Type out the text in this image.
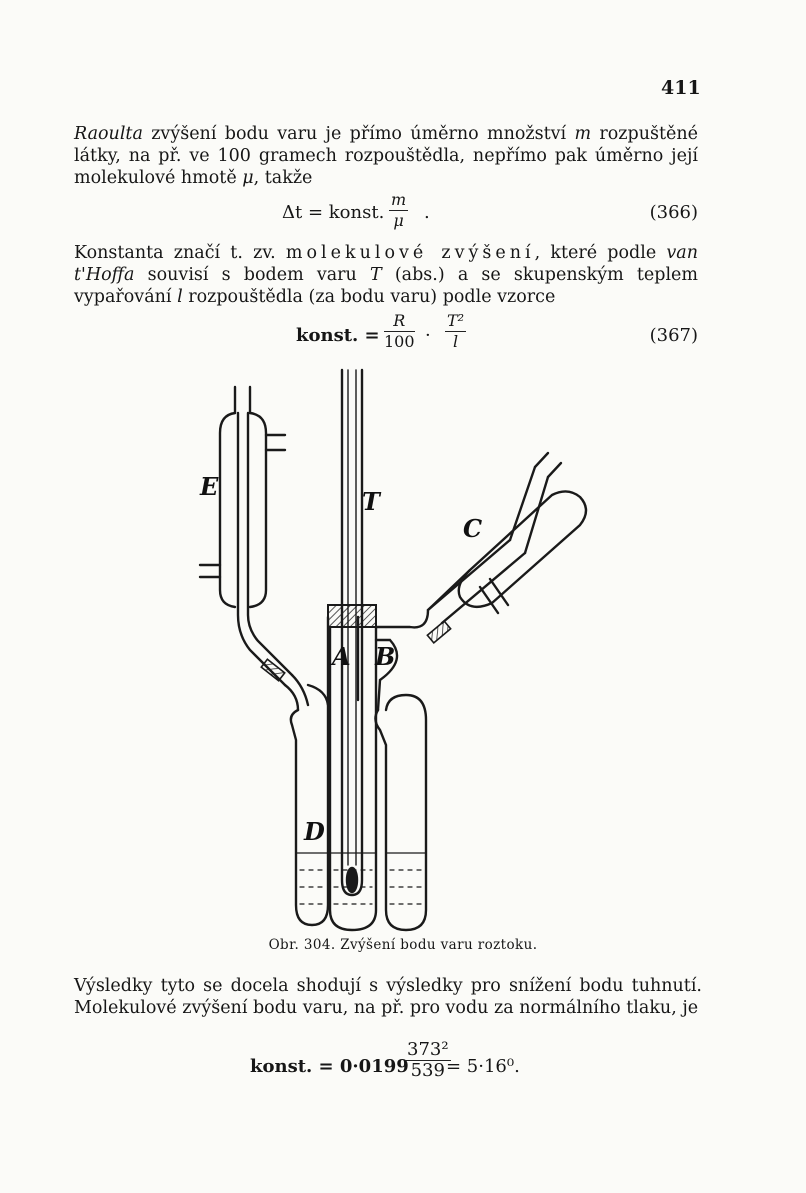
411
Raoulta zvýšení bodu varu je přímo úměrno množství m rozpuštěné látky, na př. ve 100 gramech rozpouštědla, nepřímo pak úměrno její molekulové hmotě μ, takže
Δt = konst. $\frac{m}{\mu}$ .	(366)
Konstanta značí t. zv. molekulové zvýšení, které podle van t'Hoffa souvisí s bodem varu T (abs.) a se skupenským teplem vypařování l rozpouštědla (za bodu varu) podle vzorce
konst. = $\frac{R}{100} \cdot \frac{\text{T²}}{l}$	(367)
E
T
C
A B
D
Obr. 304. Zvýšení bodu varu roztoku.
Výsledky tyto se docela shodují s výsledky pro snížení bodu tuhnutí. Molekulové zvýšení bodu varu, na př. pro vodu za normálního tlaku, je
konst. = 0·0199
$\frac{\text{373²}}{539}$
= 5·16⁰.
